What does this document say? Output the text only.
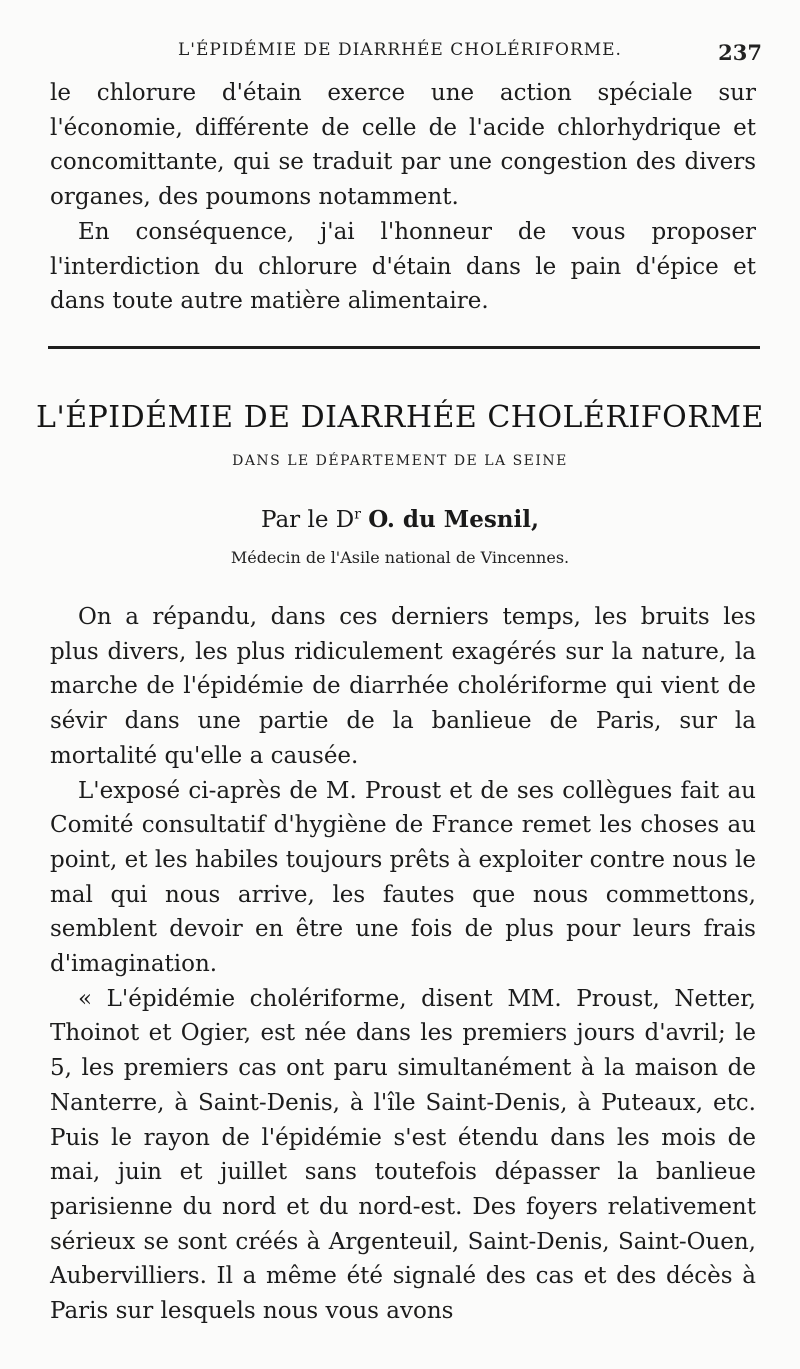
L'ÉPIDÉMIE DE DIARRHÉE CHOLÉRIFORME.	237

le chlorure d'étain exerce une action spéciale sur l'économie, différente de celle de l'acide chlorhydrique et concomittante, qui se traduit par une congestion des divers organes, des poumons notamment.

En conséquence, j'ai l'honneur de vous proposer l'interdiction du chlorure d'étain dans le pain d'épice et dans toute autre matière alimentaire.

L'ÉPIDÉMIE DE DIARRHÉE CHOLÉRIFORME
DANS LE DÉPARTEMENT DE LA SEINE
Par le $D^r$ O. du Mesnil,
Médecin de l'Asile national de Vincennes.

On a répandu, dans ces derniers temps, les bruits les plus divers, les plus ridiculement exagérés sur la nature, la marche de l'épidémie de diarrhée cholériforme qui vient de sévir dans une partie de la banlieue de Paris, sur la mortalité qu'elle a causée.

L'exposé ci-après de M. Proust et de ses collègues fait au Comité consultatif d'hygiène de France remet les choses au point, et les habiles toujours prêts à exploiter contre nous le mal qui nous arrive, les fautes que nous commettons, semblent devoir en être une fois de plus pour leurs frais d'imagination.

« L'épidémie cholériforme, disent MM. Proust, Netter, Thoinot et Ogier, est née dans les premiers jours d'avril; le 5, les premiers cas ont paru simultanément à la maison de Nanterre, à Saint-Denis, à l'île Saint-Denis, à Puteaux, etc. Puis le rayon de l'épidémie s'est étendu dans les mois de mai, juin et juillet sans toutefois dépasser la banlieue parisienne du nord et du nord-est. Des foyers relativement sérieux se sont créés à Argenteuil, Saint-Denis, Saint-Ouen, Aubervilliers. Il a même été signalé des cas et des décès à Paris sur lesquels nous vous avons
